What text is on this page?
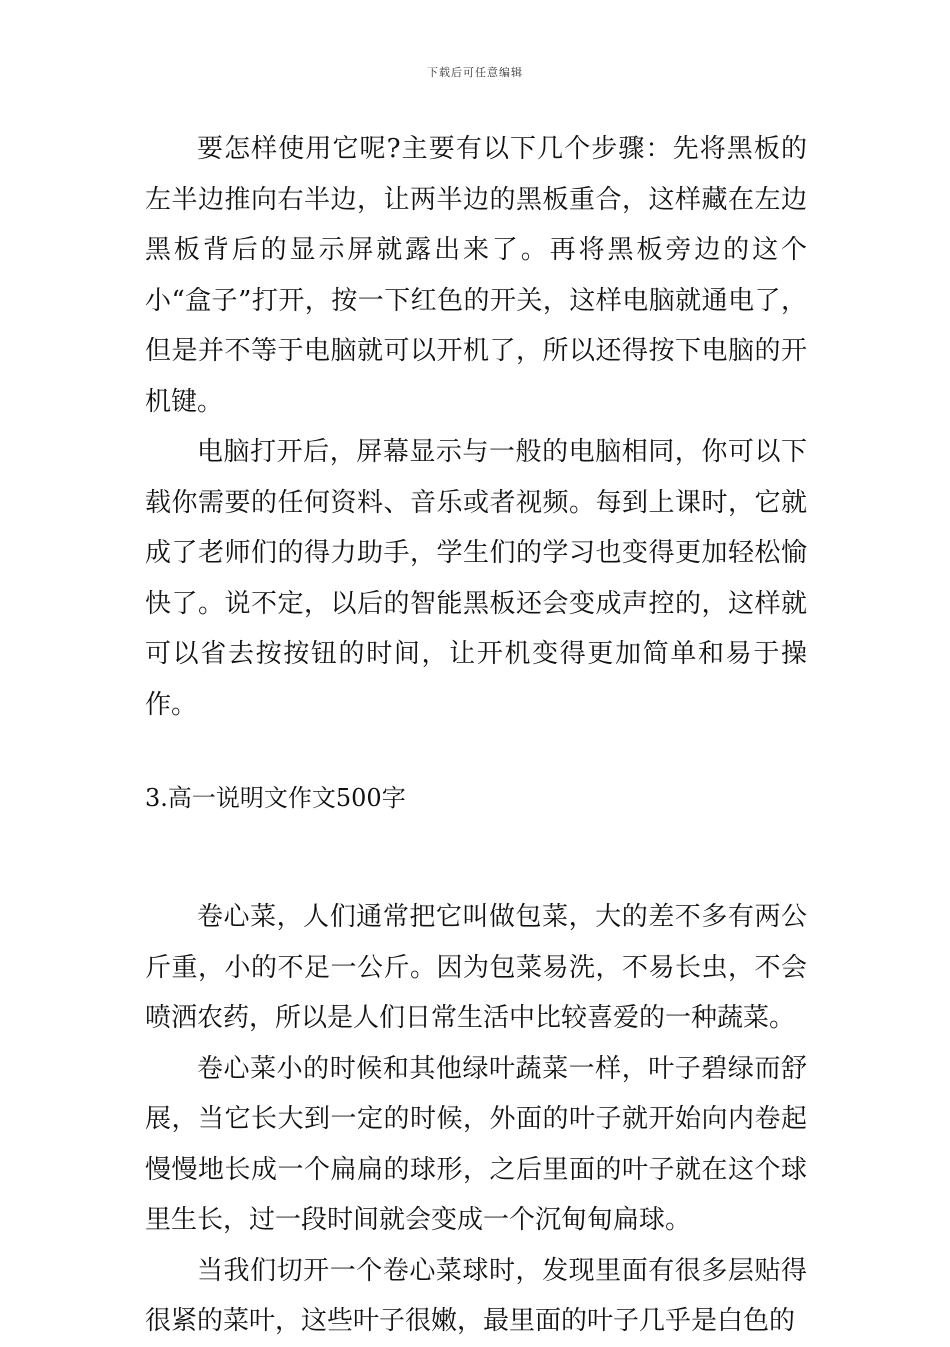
下载后可任意编辑

要怎样使用它呢?主要有以下几个步骤：先将黑板的左半边推向右半边，让两半边的黑板重合，这样藏在左边黑板背后的显示屏就露出来了。再将黑板旁边的这个小“盒子”打开，按一下红色的开关，这样电脑就通电了，但是并不等于电脑就可以开机了，所以还得按下电脑的开机键。

电脑打开后，屏幕显示与一般的电脑相同，你可以下载你需要的任何资料、音乐或者视频。每到上课时，它就成了老师们的得力助手，学生们的学习也变得更加轻松愉快了。说不定，以后的智能黑板还会变成声控的，这样就可以省去按按钮的时间，让开机变得更加简单和易于操作。

3.高一说明文作文500字

卷心菜，人们通常把它叫做包菜，大的差不多有两公斤重，小的不足一公斤。因为包菜易洗，不易长虫，不会喷洒农药，所以是人们日常生活中比较喜爱的一种蔬菜。

卷心菜小的时候和其他绿叶蔬菜一样，叶子碧绿而舒展，当它长大到一定的时候，外面的叶子就开始向内卷起慢慢地长成一个扁扁的球形，之后里面的叶子就在这个球里生长，过一段时间就会变成一个沉甸甸扁球。

当我们切开一个卷心菜球时，发现里面有很多层贴得很紧的菜叶，这些叶子很嫩，最里面的叶子几乎是白色的
